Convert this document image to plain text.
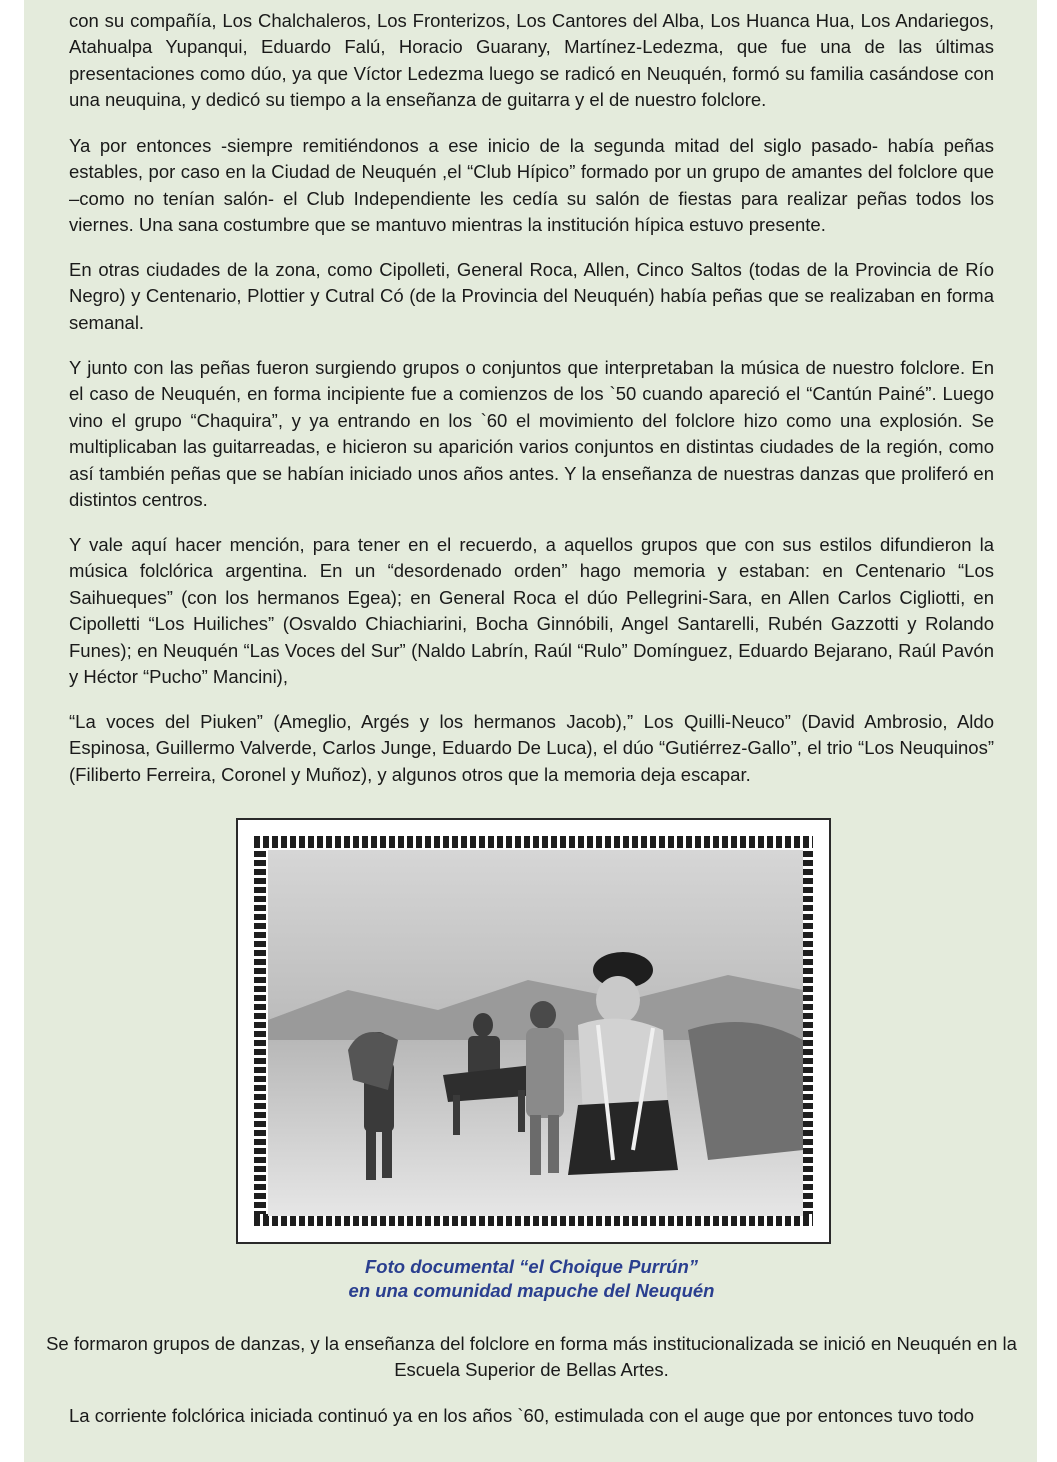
con su compañía, Los Chalchaleros, Los Fronterizos, Los Cantores del Alba, Los Huanca Hua, Los Andariegos, Atahualpa Yupanqui, Eduardo Falú, Horacio Guarany, Martínez-Ledezma, que fue una de las últimas presentaciones como dúo, ya que Víctor Ledezma luego se radicó en Neuquén, formó su familia casándose con una neuquina, y dedicó su tiempo a la enseñanza de guitarra y el de nuestro folclore.

Ya por entonces -siempre remitiéndonos a ese inicio de la segunda mitad del siglo pasado- había peñas estables, por caso en la Ciudad de Neuquén ,el “Club Hípico” formado por un grupo de amantes del folclore que –como no tenían salón- el Club Independiente les cedía su salón de fiestas para realizar peñas todos los viernes. Una sana costumbre que se mantuvo mientras la institución hípica estuvo presente.

En otras ciudades de la zona, como Cipolleti, General Roca, Allen, Cinco Saltos (todas de la Provincia de Río Negro) y Centenario, Plottier y Cutral Có (de la Provincia del Neuquén) había peñas que se realizaban en forma semanal.

Y junto con las peñas fueron surgiendo grupos o conjuntos que interpretaban la música de nuestro folclore. En el caso de Neuquén, en forma incipiente fue a comienzos de los `50 cuando apareció el “Cantún Painé”. Luego vino el grupo “Chaquira”, y ya entrando en los `60 el movimiento del folclore hizo como una explosión. Se multiplicaban las guitarreadas, e hicieron su aparición varios conjuntos en distintas ciudades de la región, como así también peñas que se habían iniciado unos años antes. Y la enseñanza de nuestras danzas que proliferó en distintos centros.

Y vale aquí hacer mención, para tener en el recuerdo, a aquellos grupos que con sus estilos difundieron la música folclórica argentina. En un “desordenado orden” hago memoria y estaban: en Centenario “Los Saihueques” (con los hermanos Egea); en General Roca el dúo Pellegrini-Sara, en Allen Carlos Cigliotti, en Cipolletti “Los Huiliches” (Osvaldo Chiachiarini, Bocha Ginnóbili, Angel Santarelli, Rubén Gazzotti y Rolando Funes); en Neuquén “Las Voces del Sur” (Naldo Labrín, Raúl “Rulo” Domínguez, Eduardo Bejarano, Raúl Pavón y Héctor “Pucho” Mancini),

“La voces del Piuken” (Ameglio, Argés y los hermanos Jacob),” Los Quilli-Neuco” (David Ambrosio, Aldo Espinosa, Guillermo Valverde, Carlos Junge, Eduardo De Luca), el dúo “Gutiérrez-Gallo”, el trio “Los Neuquinos” (Filiberto Ferreira, Coronel y Muñoz), y algunos otros que la memoria deja escapar.

Foto documental “el Choique Purrún”

en una comunidad mapuche del Neuquén

Se formaron grupos de danzas, y la enseñanza del folclore en forma más institucionalizada se inició en Neuquén en la Escuela Superior de Bellas Artes.

La corriente folclórica iniciada continuó ya en los años `60, estimulada con el auge que por entonces tuvo todo
